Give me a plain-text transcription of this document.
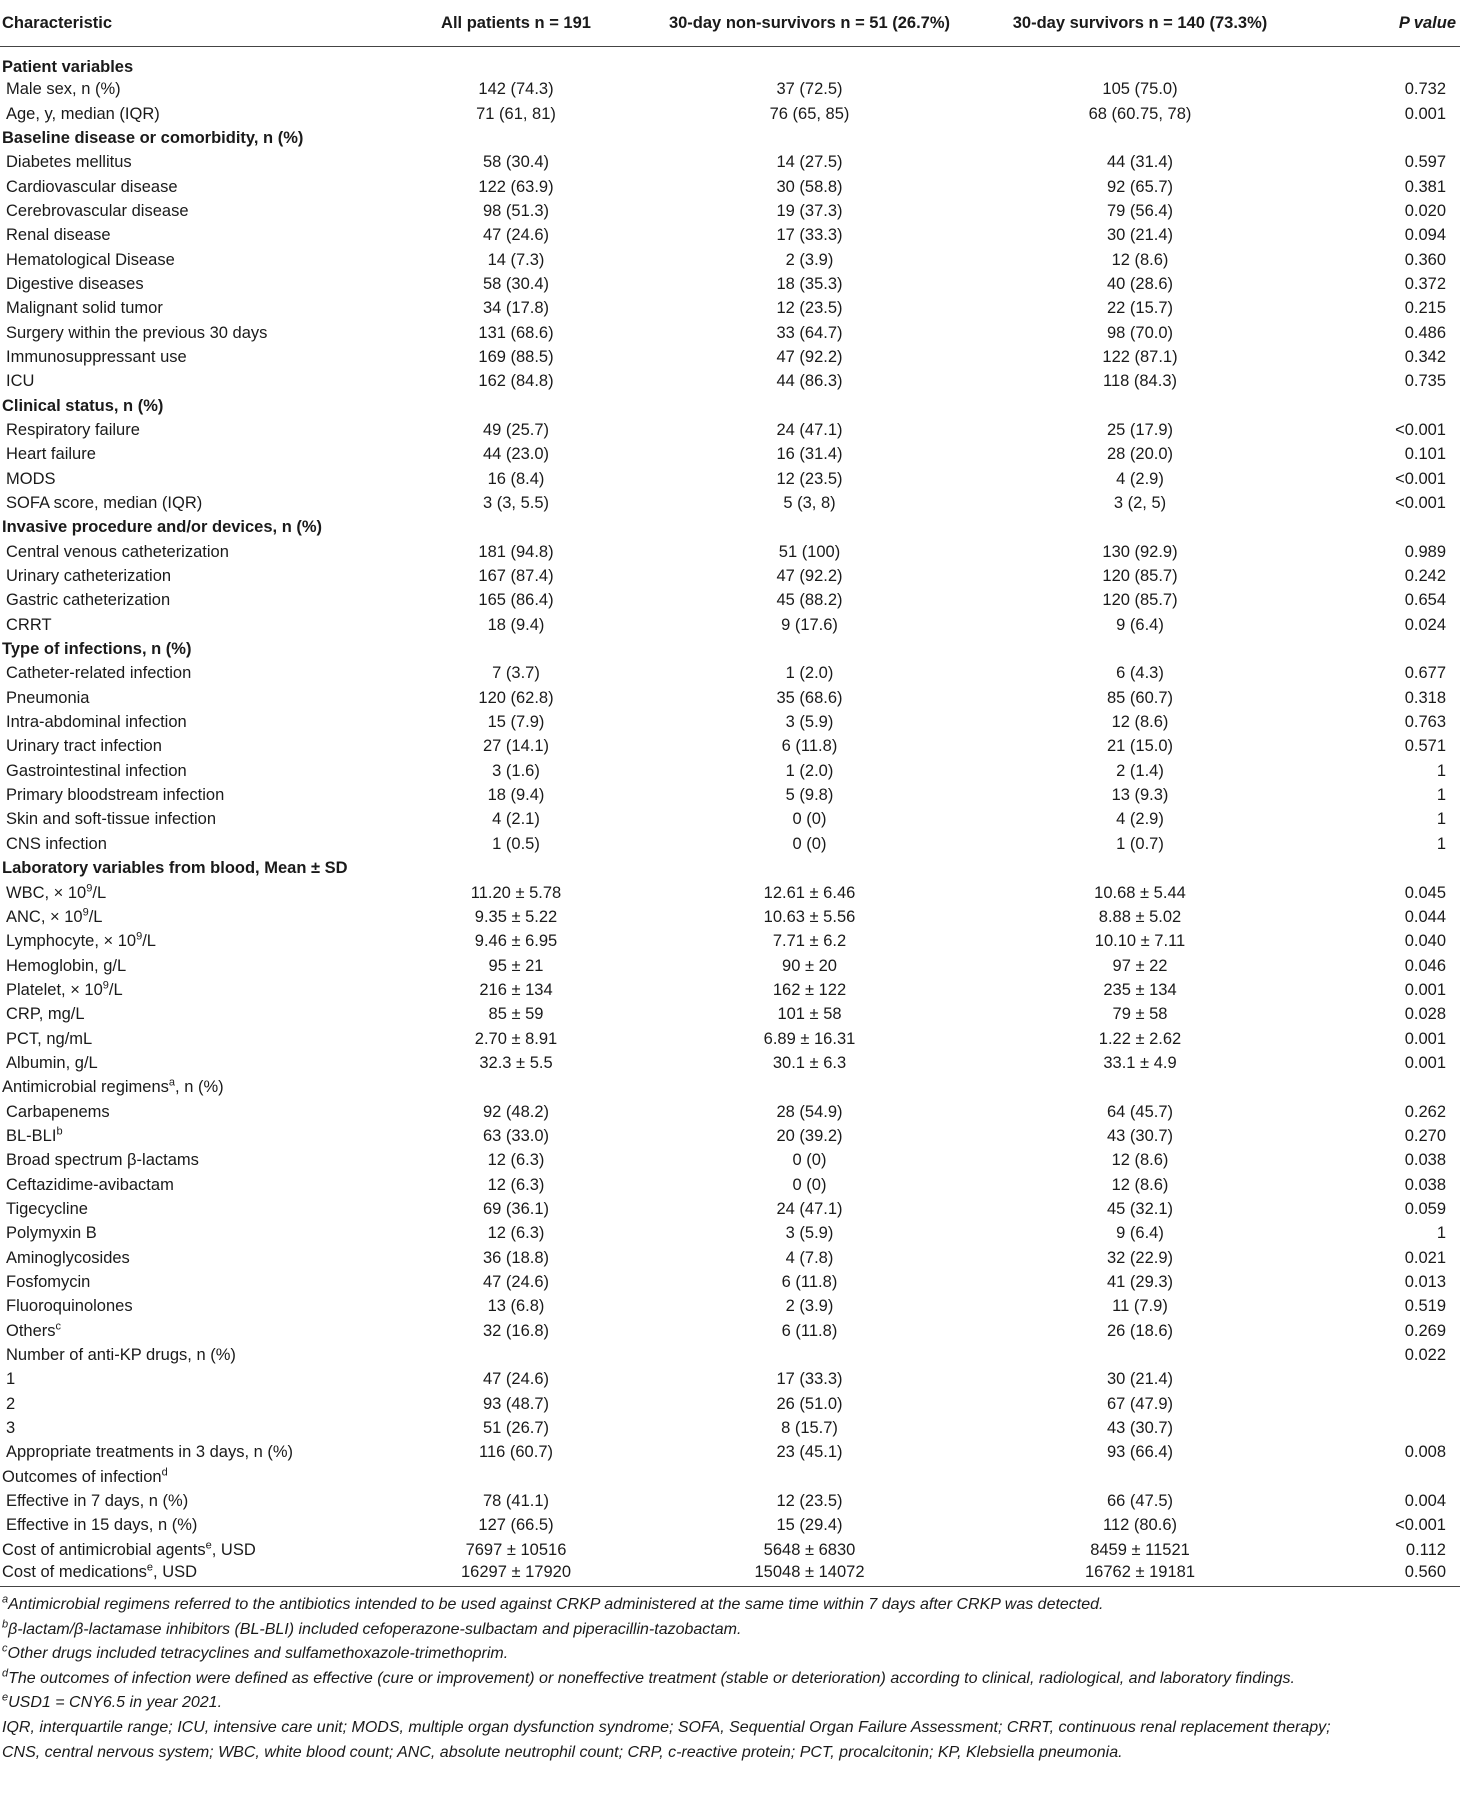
Characteristic	All patients n = 191	30-day non-survivors n = 51 (26.7%)	30-day survivors n = 140 (73.3%)	P value
Patient variables				
Male sex, n (%)	142 (74.3)	37 (72.5)	105 (75.0)	0.732
Age, y, median (IQR)	71 (61, 81)	76 (65, 85)	68 (60.75, 78)	0.001
Baseline disease or comorbidity, n (%)				
Diabetes mellitus	58 (30.4)	14 (27.5)	44 (31.4)	0.597
Cardiovascular disease	122 (63.9)	30 (58.8)	92 (65.7)	0.381
Cerebrovascular disease	98 (51.3)	19 (37.3)	79 (56.4)	0.020
Renal disease	47 (24.6)	17 (33.3)	30 (21.4)	0.094
Hematological Disease	14 (7.3)	2 (3.9)	12 (8.6)	0.360
Digestive diseases	58 (30.4)	18 (35.3)	40 (28.6)	0.372
Malignant solid tumor	34 (17.8)	12 (23.5)	22 (15.7)	0.215
Surgery within the previous 30 days	131 (68.6)	33 (64.7)	98 (70.0)	0.486
Immunosuppressant use	169 (88.5)	47 (92.2)	122 (87.1)	0.342
ICU	162 (84.8)	44 (86.3)	118 (84.3)	0.735
Clinical status, n (%)				
Respiratory failure	49 (25.7)	24 (47.1)	25 (17.9)	<0.001
Heart failure	44 (23.0)	16 (31.4)	28 (20.0)	0.101
MODS	16 (8.4)	12 (23.5)	4 (2.9)	<0.001
SOFA score, median (IQR)	3 (3, 5.5)	5 (3, 8)	3 (2, 5)	<0.001
Invasive procedure and/or devices, n (%)				
Central venous catheterization	181 (94.8)	51 (100)	130 (92.9)	0.989
Urinary catheterization	167 (87.4)	47 (92.2)	120 (85.7)	0.242
Gastric catheterization	165 (86.4)	45 (88.2)	120 (85.7)	0.654
CRRT	18 (9.4)	9 (17.6)	9 (6.4)	0.024
Type of infections, n (%)				
Catheter-related infection	7 (3.7)	1 (2.0)	6 (4.3)	0.677
Pneumonia	120 (62.8)	35 (68.6)	85 (60.7)	0.318
Intra-abdominal infection	15 (7.9)	3 (5.9)	12 (8.6)	0.763
Urinary tract infection	27 (14.1)	6 (11.8)	21 (15.0)	0.571
Gastrointestinal infection	3 (1.6)	1 (2.0)	2 (1.4)	1
Primary bloodstream infection	18 (9.4)	5 (9.8)	13 (9.3)	1
Skin and soft-tissue infection	4 (2.1)	0 (0)	4 (2.9)	1
CNS infection	1 (0.5)	0 (0)	1 (0.7)	1
Laboratory variables from blood, Mean ± SD				
WBC, × $10^9/L$	11.20 ± 5.78	12.61 ± 6.46	10.68 ± 5.44	0.045
ANC, × $10^9/L$	9.35 ± 5.22	10.63 ± 5.56	8.88 ± 5.02	0.044
Lymphocyte, × $10^9/L$	9.46 ± 6.95	7.71 ± 6.2	10.10 ± 7.11	0.040
Hemoglobin, g/L	95 ± 21	90 ± 20	97 ± 22	0.046
Platelet, × $10^9/L$	216 ± 134	162 ± 122	235 ± 134	0.001
CRP, mg/L	85 ± 59	101 ± 58	79 ± 58	0.028
PCT, ng/mL	2.70 ± 8.91	6.89 ± 16.31	1.22 ± 2.62	0.001
Albumin, g/L	32.3 ± 5.5	30.1 ± 6.3	33.1 ± 4.9	0.001
Antimicrobial regimens$^a$, n (%)				
Carbapenems	92 (48.2)	28 (54.9)	64 (45.7)	0.262
BL-BLI$^b$	63 (33.0)	20 (39.2)	43 (30.7)	0.270
Broad spectrum β-lactams	12 (6.3)	0 (0)	12 (8.6)	0.038
Ceftazidime-avibactam	12 (6.3)	0 (0)	12 (8.6)	0.038
Tigecycline	69 (36.1)	24 (47.1)	45 (32.1)	0.059
Polymyxin B	12 (6.3)	3 (5.9)	9 (6.4)	1
Aminoglycosides	36 (18.8)	4 (7.8)	32 (22.9)	0.021
Fosfomycin	47 (24.6)	6 (11.8)	41 (29.3)	0.013
Fluoroquinolones	13 (6.8)	2 (3.9)	11 (7.9)	0.519
Others$^c$	32 (16.8)	6 (11.8)	26 (18.6)	0.269
Number of anti-KP drugs, n (%)				0.022
1	47 (24.6)	17 (33.3)	30 (21.4)	
2	93 (48.7)	26 (51.0)	67 (47.9)	
3	51 (26.7)	8 (15.7)	43 (30.7)	
Appropriate treatments in 3 days, n (%)	116 (60.7)	23 (45.1)	93 (66.4)	0.008
Outcomes of infection$^d$				
Effective in 7 days, n (%)	78 (41.1)	12 (23.5)	66 (47.5)	0.004
Effective in 15 days, n (%)	127 (66.5)	15 (29.4)	112 (80.6)	<0.001
Cost of antimicrobial agents$^e$, USD	7697 ± 10516	5648 ± 6830	8459 ± 11521	0.112
Cost of medications$^e$, USD	16297 ± 17920	15048 ± 14072	16762 ± 19181	0.560
$^a$Antimicrobial regimens referred to the antibiotics intended to be used against CRKP administered at the same time within 7 days after CRKP was detected.
$^b$β-lactam/β-lactamase inhibitors (BL-BLI) included cefoperazone-sulbactam and piperacillin-tazobactam.
$^c$Other drugs included tetracyclines and sulfamethoxazole-trimethoprim.
$^d$The outcomes of infection were defined as effective (cure or improvement) or noneffective treatment (stable or deterioration) according to clinical, radiological, and laboratory findings.
$^e$USD1 = CNY6.5 in year 2021.
IQR, interquartile range; ICU, intensive care unit; MODS, multiple organ dysfunction syndrome; SOFA, Sequential Organ Failure Assessment; CRRT, continuous renal replacement therapy;
CNS, central nervous system; WBC, white blood count; ANC, absolute neutrophil count; CRP, c-reactive protein; PCT, procalcitonin; KP, Klebsiella pneumonia.
